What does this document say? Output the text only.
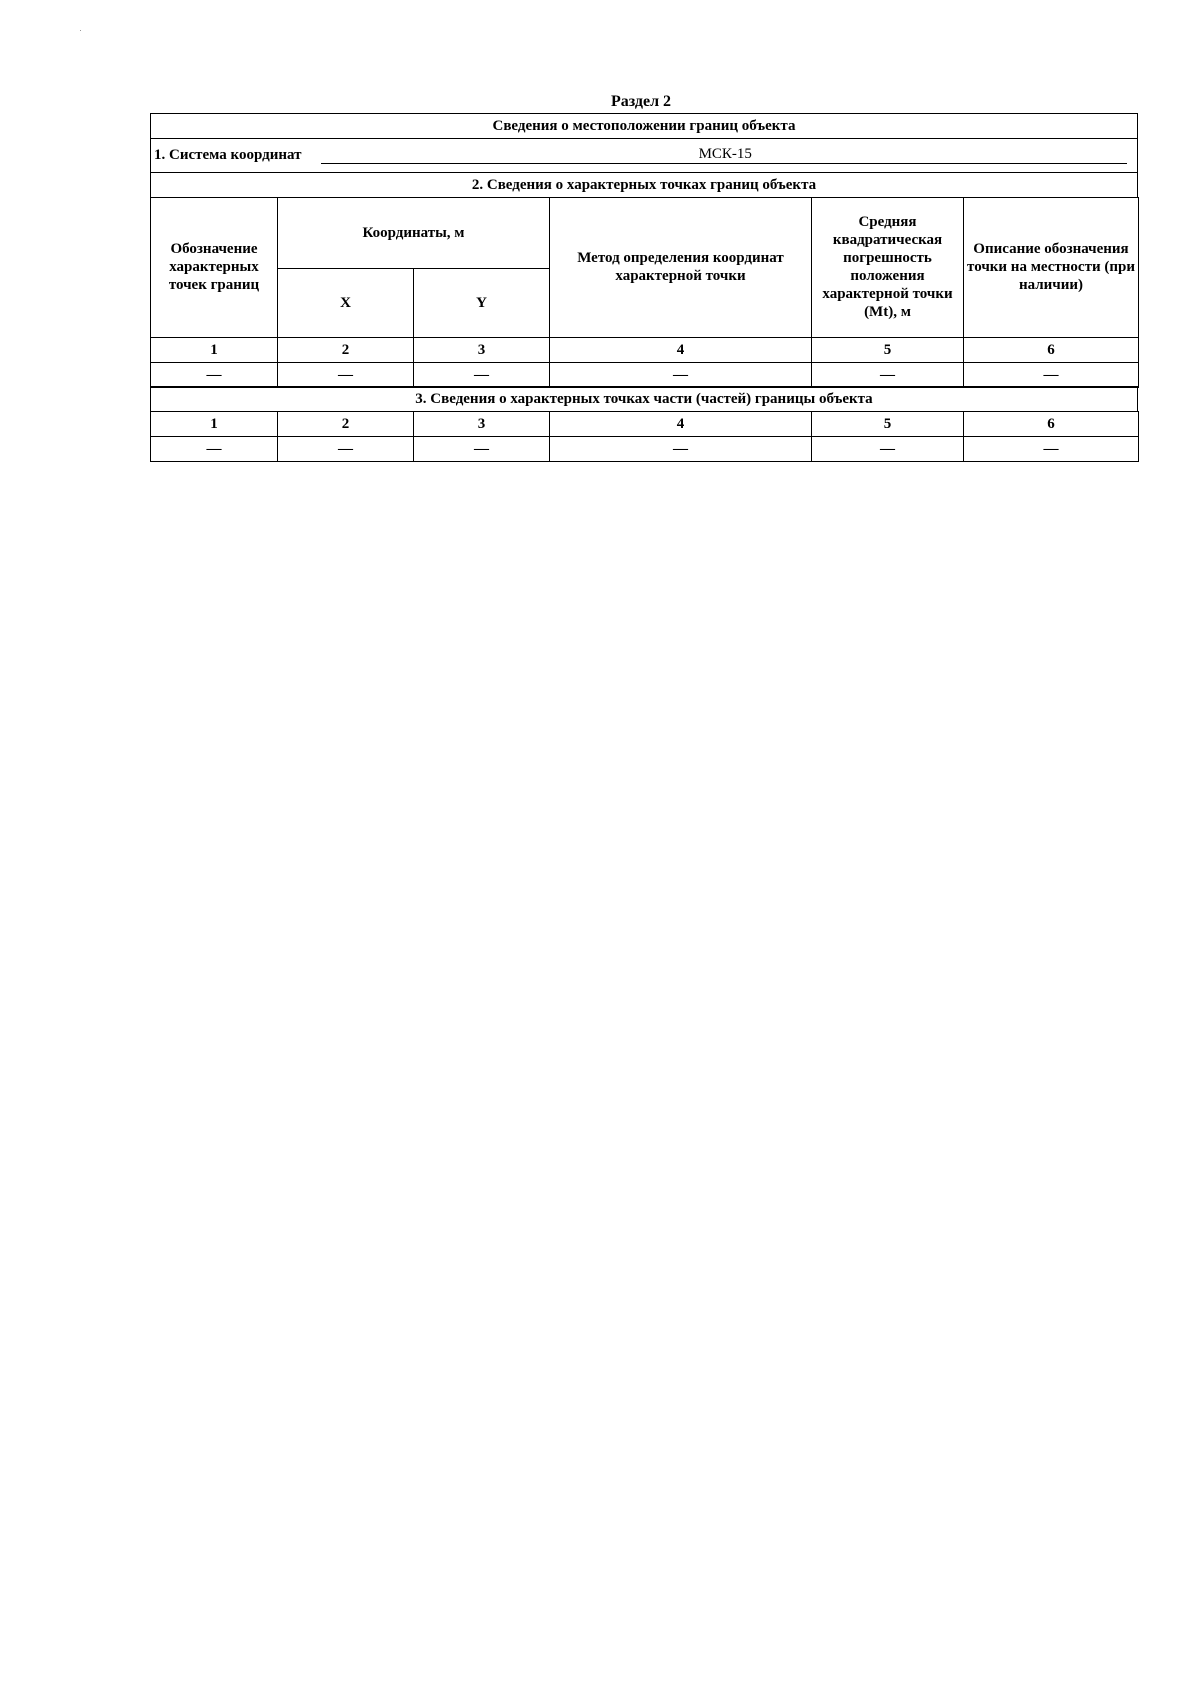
Раздел 2
Сведения о местоположении границ объекта

1. Система координат	МСК-15

2. Сведения о характерных точках границ объекта
Обозначение характерных точек границ	Координаты, м		Метод определения координат характерной точки	Средняя квадратическая погрешность положения характерной точки (Mt), м	Описание обозначения точки на местности (при наличии)

	X	Y			
1	2	3	4	5	6
—	—	—	—	—	—
3. Сведения о характерных точках части (частей) границы объекта
1	2	3	4	5	6
—	—	—	—	—	—
